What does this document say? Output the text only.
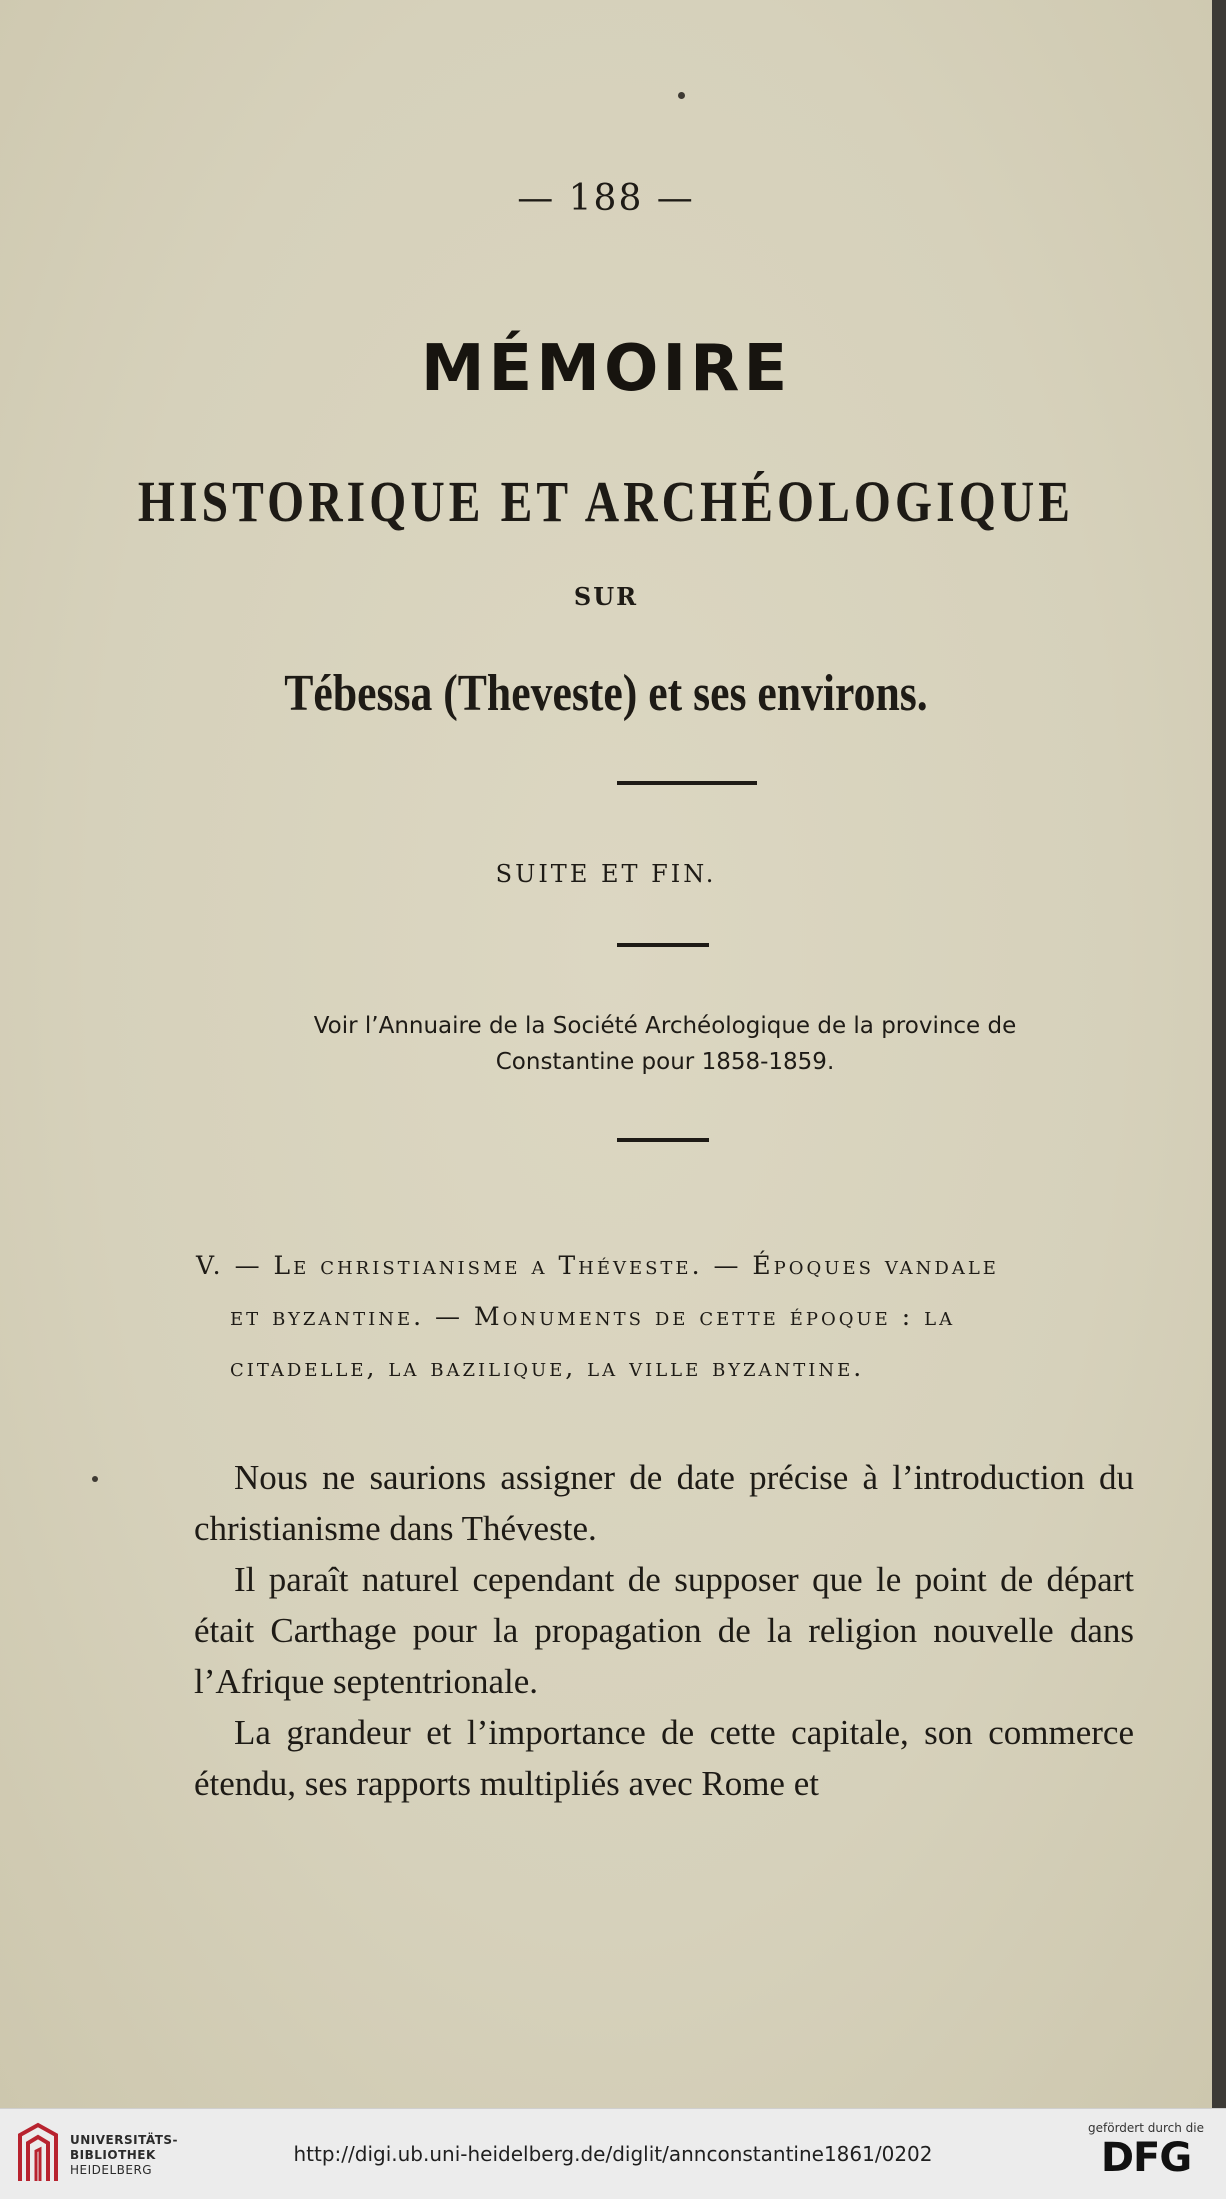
— 188 —
MÉMOIRE
HISTORIQUE ET ARCHÉOLOGIQUE
SUR
Tébessa (Theveste) et ses environs.
SUITE ET FIN.
Voir l’Annuaire de la Société Archéologique de la province de
Constantine pour 1858-1859.
V. — Le christianisme a Théveste. — Époques vandale
et byzantine. — Monuments de cette époque : la
citadelle, la bazilique, la ville byzantine.

Nous ne saurions assigner de date précise à l’introduction du christianisme dans Théveste.

Il paraît naturel cependant de supposer que le point de départ était Carthage pour la propagation de la religion nouvelle dans l’Afrique septentrionale.

La grandeur et l’importance de cette capitale, son commerce étendu, ses rapports multipliés avec Rome et

UNIVERSITÄTS-
BIBLIOTHEK
HEIDELBERG
http://digi.ub.uni-heidelberg.de/diglit/annconstantine1861/0202
gefördert durch die
DFG
